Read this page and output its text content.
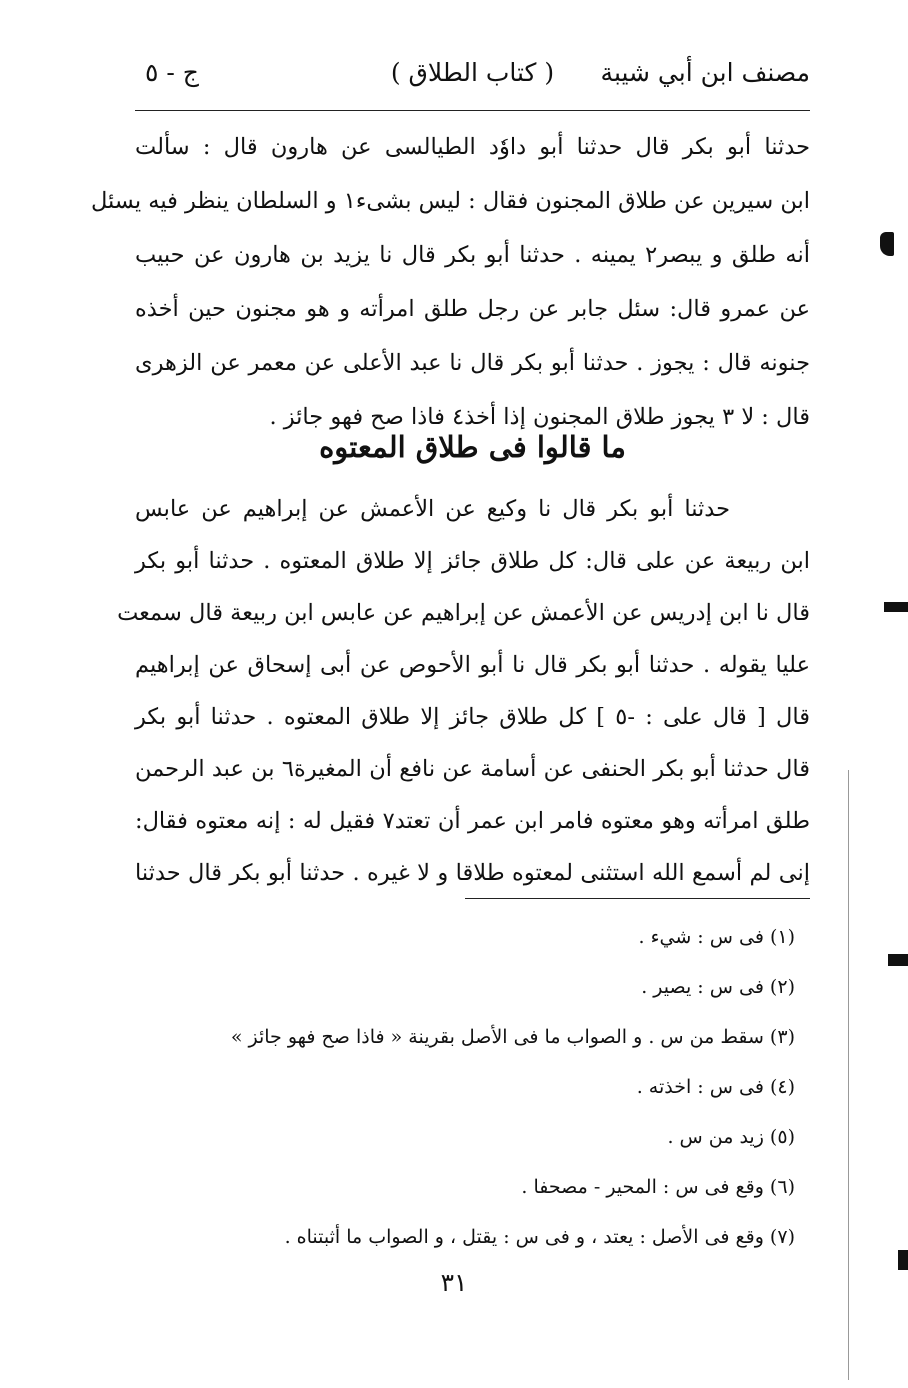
مصنف ابن أبي شيبة
( كتاب الطلاق )
ج - ٥
حدثنا أبو بكر قال حدثنا أبو داوٗد الطيالسى عن هارون قال : سألت
ابن سيرين عن طلاق المجنون فقال : ليس بشىء١ و السلطان ينظر فيه يسئل
أنه طلق و يبصر٢ يمينه . حدثنا أبو بكر قال نا يزيد بن هارون عن حبيب
عن عمرو قال: سئل جابر عن رجل طلق امرأته و هو مجنون حين أخذه
جنونه قال : يجوز . حدثنا أبو بكر قال نا عبد الأعلى عن معمر عن الزهرى
قال : لا ٣ يجوز طلاق المجنون إذا أخذ٤ فاذا صح فهو جائز .
ما قالوا فى طلاق المعتوه
حدثنا أبو بكر قال نا وكيع عن الأعمش عن إبراهيم عن عابس
ابن ربيعة عن على قال: كل طلاق جائز إلا طلاق المعتوه . حدثنا أبو بكر
قال نا ابن إدريس عن الأعمش عن إبراهيم عن عابس ابن ربيعة قال سمعت
عليا يقوله . حدثنا أبو بكر قال نا أبو الأحوص عن أبى إسحاق عن إبراهيم
قال [ قال على : -٥ ] كل طلاق جائز إلا طلاق المعتوه . حدثنا أبو بكر
قال حدثنا أبو بكر الحنفى عن أسامة عن نافع أن المغيرة٦ بن عبد الرحمن
طلق امرأته وهو معتوه فامر ابن عمر أن تعتد٧ فقيل له : إنه معتوه فقال:
إنى لم أسمع الله استثنى لمعتوه طلاقا و لا غيره . حدثنا أبو بكر قال حدثنا
(١) فى س : شي‌ء .
(٢) فى س : يصير .
(٣) سقط من س . و الصواب ما فى الأصل بقرينة « فاذا صح فهو جائز »
(٤) فى س : اخذته .
(٥) زيد من س .
(٦) وقع فى س : المحير - مصحفا .
(٧) وقع فى الأصل : يعتد ، و فى س : يقتل ، و الصواب ما أثبتناه .
٣١
